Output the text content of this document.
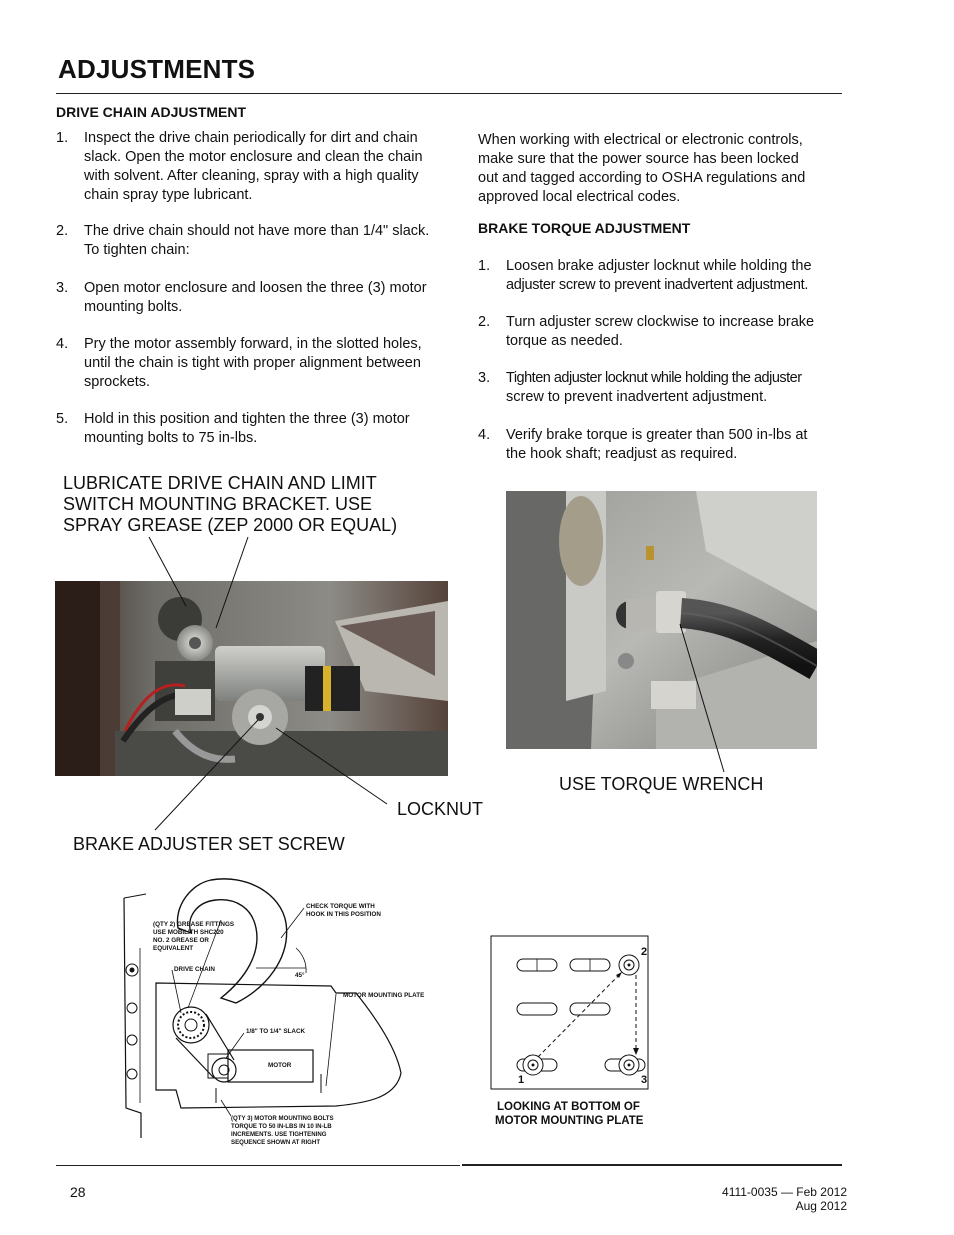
ADJUSTMENTS
DRIVE CHAIN ADJUSTMENT
1. Inspect the drive chain periodically for dirt and chain
slack. Open the motor enclosure and clean the chain
with solvent. After cleaning, spray with a high quality
chain spray type lubricant.
2. The drive chain should not have more than 1/4" slack.
To tighten chain:
3. Open motor enclosure and loosen the three (3) motor
mounting bolts.
4. Pry the motor assembly forward, in the slotted holes,
until the chain is tight with proper alignment between
sprockets.
5. Hold in this position and tighten the three (3) motor
mounting bolts to 75 in-lbs.
When working with electrical or electronic controls,
make sure that the power source has been locked
out and tagged according to OSHA regulations and
approved local electrical codes.
BRAKE TORQUE ADJUSTMENT
1. Loosen brake adjuster locknut while holding the
adjuster screw to prevent inadvertent adjustment.
2. Turn adjuster screw clockwise to increase brake
torque as needed.
3. Tighten adjuster locknut while holding the adjuster
screw to prevent inadvertent adjustment.
4. Verify brake torque is greater than 500 in-lbs at
the hook shaft; readjust as required.
LUBRICATE DRIVE CHAIN AND LIMIT
SWITCH MOUNTING BRACKET. USE
SPRAY GREASE (ZEP 2000 OR EQUAL)
USE TORQUE WRENCH
LOCKNUT
BRAKE ADJUSTER SET SCREW
(QTY 2) GREASE FITTINGS
USE MOBILITH SHC220
NO. 2 GREASE OR
EQUIVALENT
CHECK TORQUE WITH
HOOK IN THIS POSITION
DRIVE CHAIN
45°
MOTOR MOUNTING PLATE
1/8" TO 1/4" SLACK
MOTOR
(QTY 3) MOTOR MOUNTING BOLTS
TORQUE TO 50 IN-LBS IN 10 IN-LB
INCREMENTS. USE TIGHTENING
SEQUENCE SHOWN AT RIGHT
2
1	3
LOOKING AT BOTTOM OF
MOTOR MOUNTING PLATE
28	4111-0035 — Feb 2012
Aug 2012
